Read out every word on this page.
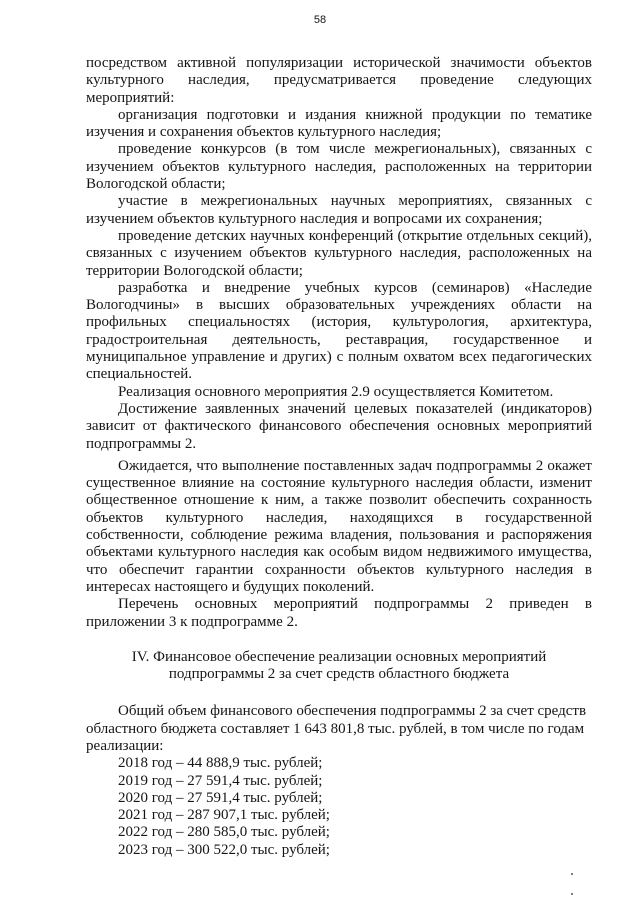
58

посредством активной популяризации исторической значимости объектов культурного наследия, предусматривается проведение следующих мероприятий:

организация подготовки и издания книжной продукции по тематике изучения и сохранения объектов культурного наследия;

проведение конкурсов (в том числе межрегиональных), связанных с изучением объектов культурного наследия, расположенных на территории Вологодской области;

участие в межрегиональных научных мероприятиях, связанных с изучением объектов культурного наследия и вопросами их сохранения;

проведение детских научных конференций (открытие отдельных секций), связанных с изучением объектов культурного наследия, расположенных на территории Вологодской области;

разработка и внедрение учебных курсов (семинаров) «Наследие Вологодчины» в высших образовательных учреждениях области на профильных специальностях (история, культурология, архитектура, градостроительная деятельность, реставрация, государственное и муниципальное управление и других) с полным охватом всех педагогических специальностей.

Реализация основного мероприятия 2.9 осуществляется Комитетом.

Достижение заявленных значений целевых показателей (индикаторов) зависит от фактического финансового обеспечения основных мероприятий подпрограммы 2.

Ожидается, что выполнение поставленных задач подпрограммы 2 окажет существенное влияние на состояние культурного наследия области, изменит общественное отношение к ним, а также позволит обеспечить сохранность объектов культурного наследия, находящихся в государственной собственности, соблюдение режима владения, пользования и распоряжения объектами культурного наследия как особым видом недвижимого имущества, что обеспечит гарантии сохранности объектов культурного наследия в интересах настоящего и будущих поколений.

Перечень основных мероприятий подпрограммы 2 приведен в приложении 3 к подпрограмме 2.

IV. Финансовое обеспечение реализации основных мероприятий
подпрограммы 2 за счет средств областного бюджета

Общий объем финансового обеспечения подпрограммы 2 за счет средств областного бюджета составляет 1 643 801,8 тыс. рублей, в том числе по годам реализации:

2018 год – 44 888,9 тыс. рублей;
2019 год – 27 591,4 тыс. рублей;
2020 год – 27 591,4 тыс. рублей;
2021 год – 287 907,1 тыс. рублей;
2022 год – 280 585,0 тыс. рублей;
2023 год – 300 522,0 тыс. рублей;
